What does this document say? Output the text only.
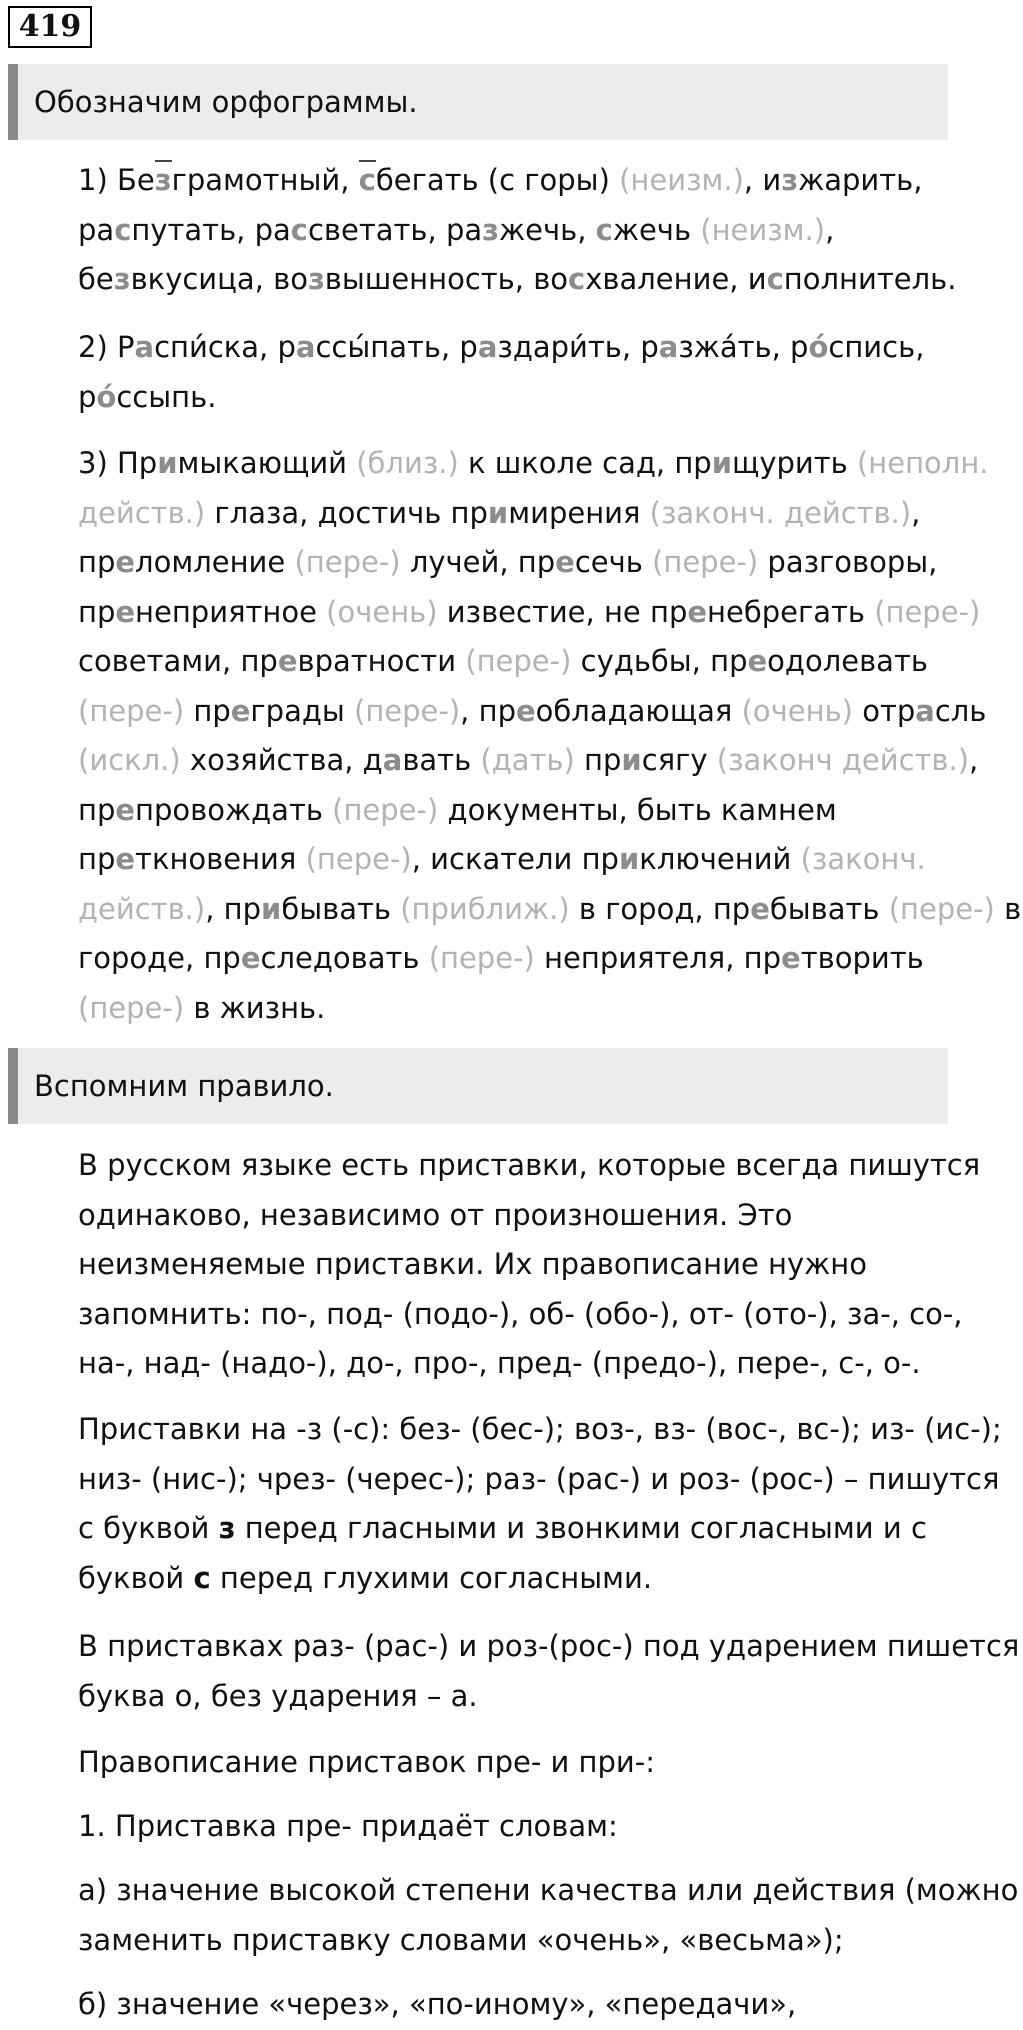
419
Обозначим орфограммы.

1) Безграмотный, сбегать (с горы) (неизм.), изжарить, распутать, рассветать, разжечь, сжечь (неизм.), безвкусица, возвышенность, восхваление, исполнитель.

2) Распи́ска, рассы́пать, раздари́ть, разжа́ть, ро́спись, ро́ссыпь.

3) Примыкающий (близ.) к школе сад, прищурить (неполн. действ.) глаза, достичь примирения (законч. действ.), преломление (пере-) лучей, пресечь (пере-) разговоры, пренеприятное (очень) известие, не пренебрегать (пере-) советами, превратности (пере-) судьбы, преодолевать (пере-) преграды (пере-), преобладающая (очень) отрасль (искл.) хозяйства, давать (дать) присягу (законч действ.), препровождать (пере-) документы, быть камнем преткновения (пере-), искатели приключений (законч. действ.), прибывать (приближ.) в город, пребывать (пере-) в городе, преследовать (пере-) неприятеля, претворить (пере-) в жизнь.

Вспомним правило.

В русском языке есть приставки, которые всегда пишутся одинаково, независимо от произношения. Это неизменяемые приставки. Их правописание нужно запомнить: по-, под- (подо-), об- (обо-), от- (ото-), за-, со-, на-, над- (надо-), до-, про-, пред- (предо-), пере-, с-, о-.

Приставки на -з (-с): без- (бес-); воз-, вз- (вос-, вс-); из- (ис-); низ- (нис-); чрез- (черес-); раз- (рас-) и роз- (рос-) – пишутся с буквой з перед гласными и звонкими согласными и с буквой с перед глухими согласными.

В приставках раз- (рас-) и роз-(рос-) под ударением пишется буква о, без ударения – а.

Правописание приставок пре- и при-:

1. Приставка пре- придаёт словам:

а) значение высокой степени качества или действия (можно заменить приставку словами «очень», «весьма»);

б) значение «через», «по-иному», «передачи»,
